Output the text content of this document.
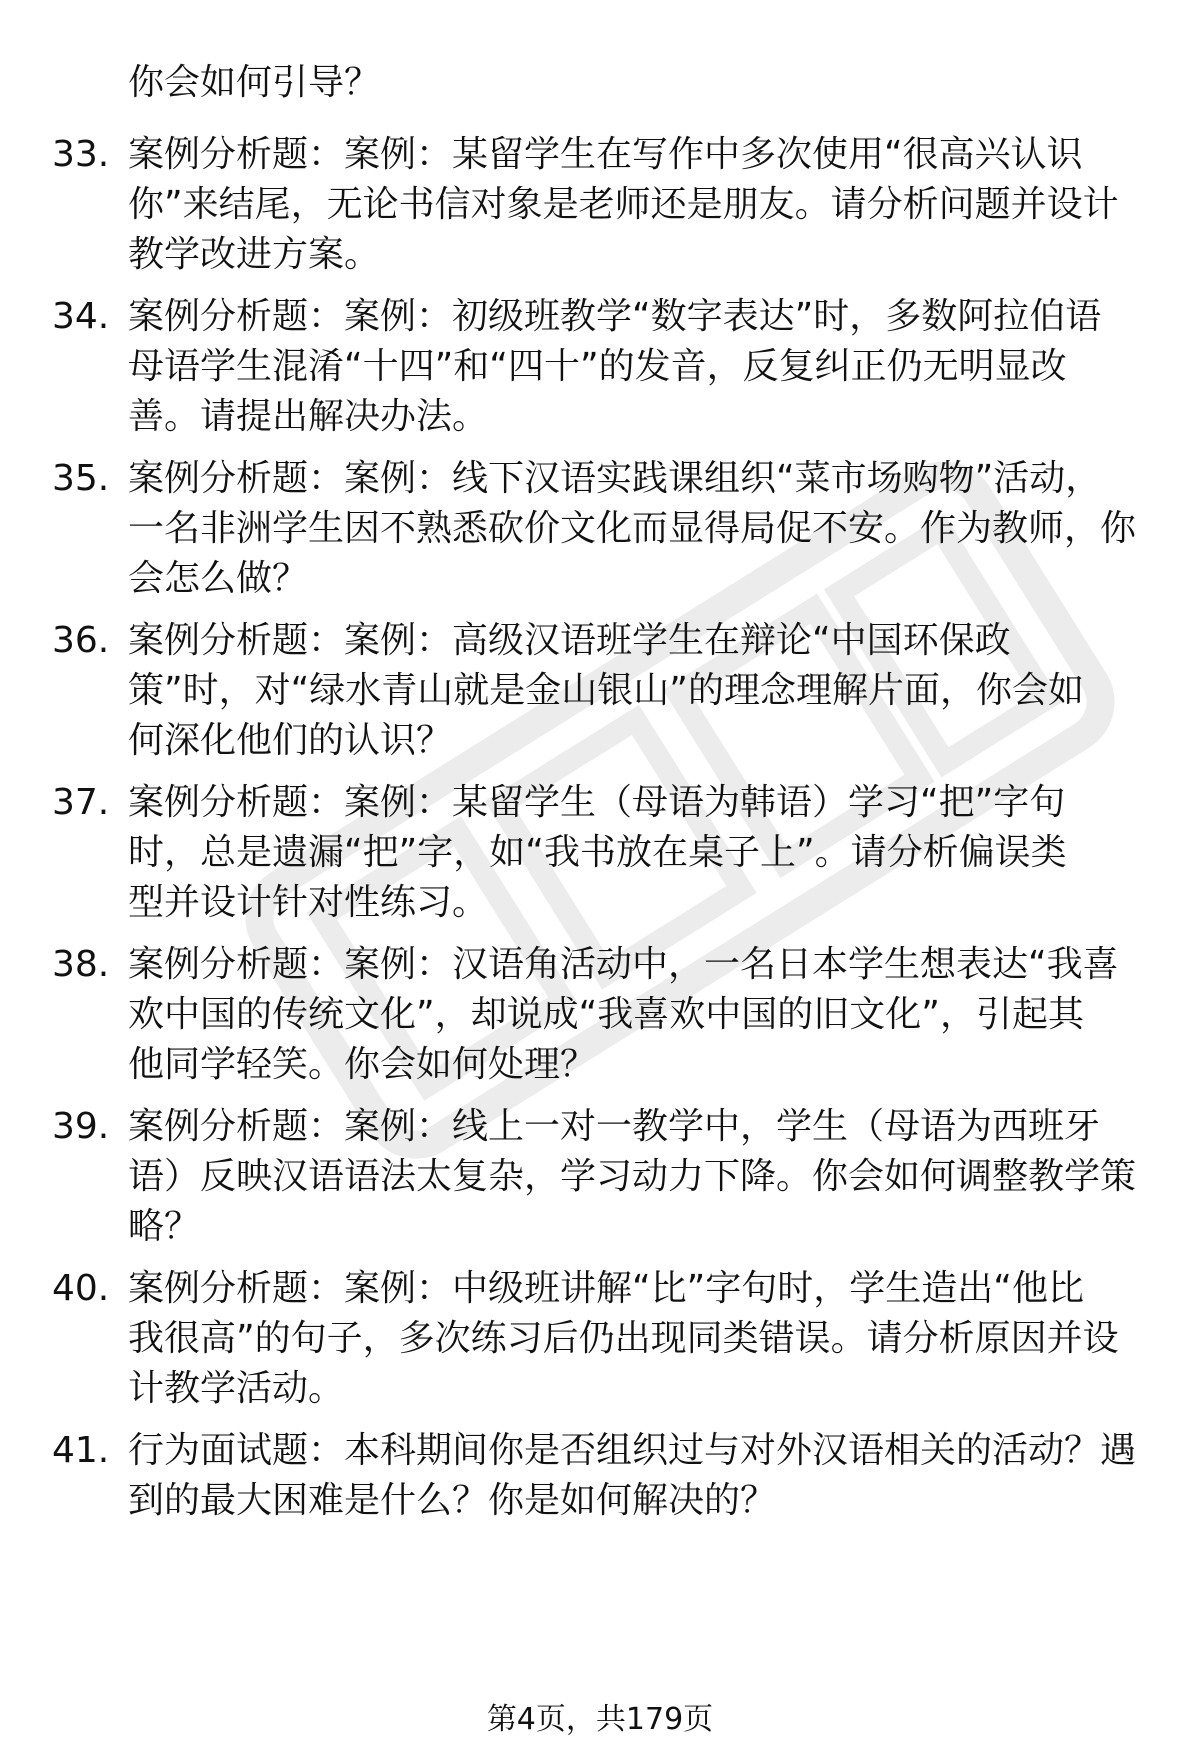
你会如何引导？
33. 案例分析题：案例：某留学生在写作中多次使用“很高兴认识
你”来结尾，无论书信对象是老师还是朋友。请分析问题并设计
教学改进方案。
34. 案例分析题：案例：初级班教学“数字表达”时，多数阿拉伯语
母语学生混淆“十四”和“四十”的发音，反复纠正仍无明显改
善。请提出解决办法。
35. 案例分析题：案例：线下汉语实践课组织“菜市场购物”活动，
一名非洲学生因不熟悉砍价文化而显得局促不安。作为教师，你
会怎么做？
36. 案例分析题：案例：高级汉语班学生在辩论“中国环保政
策”时，对“绿水青山就是金山银山”的理念理解片面，你会如
何深化他们的认识？
37. 案例分析题：案例：某留学生（母语为韩语）学习“把”字句
时，总是遗漏“把”字，如“我书放在桌子上”。请分析偏误类
型并设计针对性练习。
38. 案例分析题：案例：汉语角活动中，一名日本学生想表达“我喜
欢中国的传统文化”，却说成“我喜欢中国的旧文化”，引起其
他同学轻笑。你会如何处理？
39. 案例分析题：案例：线上一对一教学中，学生（母语为西班牙
语）反映汉语语法太复杂，学习动力下降。你会如何调整教学策
略？
40. 案例分析题：案例：中级班讲解“比”字句时，学生造出“他比
我很高”的句子，多次练习后仍出现同类错误。请分析原因并设
计教学活动。
41. 行为面试题：本科期间你是否组织过与对外汉语相关的活动？遇
到的最大困难是什么？你是如何解决的？
第4页，共179页
